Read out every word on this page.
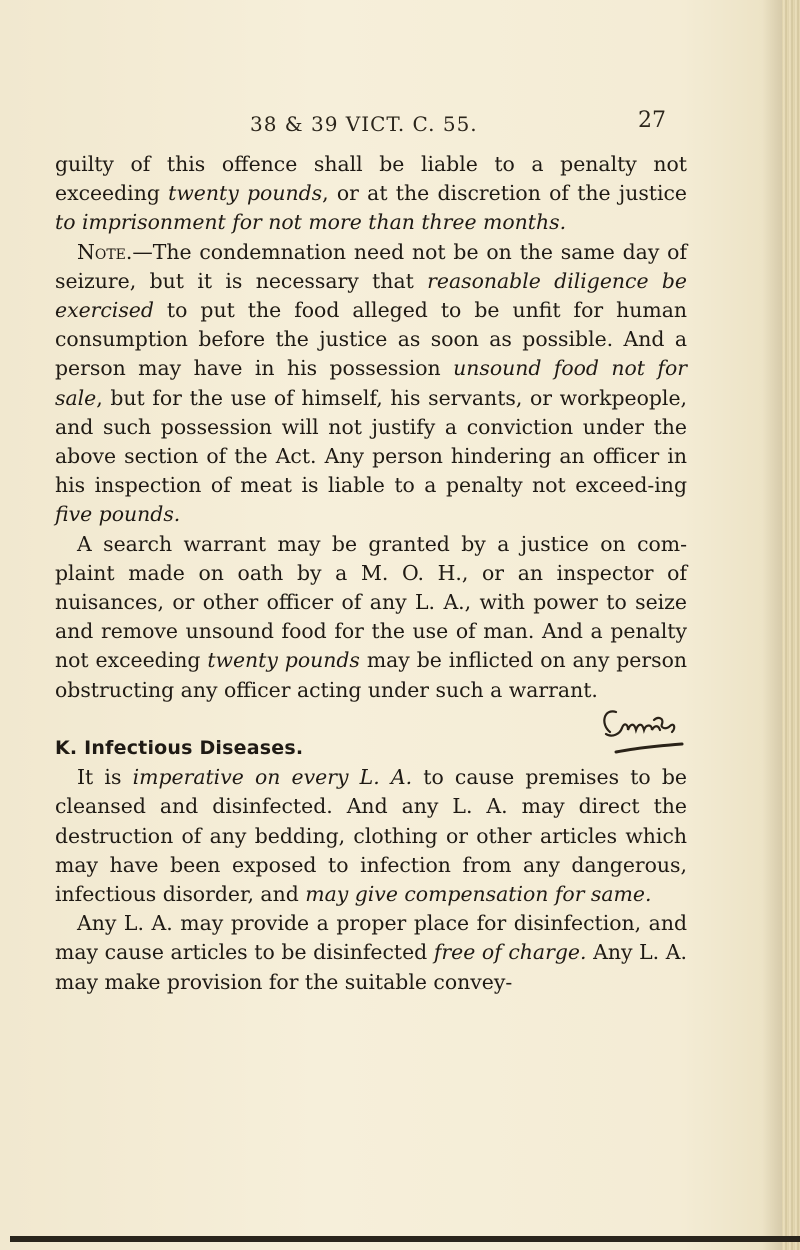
38 & 39 VICT. C. 55.	27

guilty of this offence shall be liable to a penalty not exceeding twenty pounds, or at the discretion of the justice to imprisonment for not more than three months.

Note.—The condemnation need not be on the same day of seizure, but it is necessary that reasonable diligence be exercised to put the food alleged to be unfit for human consumption before the justice as soon as possible. And a person may have in his possession unsound food not for sale, but for the use of himself, his servants, or workpeople, and such possession will not justify a conviction under the above section of the Act. Any person hindering an officer in his inspection of meat is liable to a penalty not exceed-ing five pounds.

A search warrant may be granted by a justice on com-plaint made on oath by a M. O. H., or an inspector of nuisances, or other officer of any L. A., with power to seize and remove unsound food for the use of man. And a penalty not exceeding twenty pounds may be inflicted on any person obstructing any officer acting under such a warrant.

K. Infectious Diseases.

It is imperative on every L. A. to cause premises to be cleansed and disinfected. And any L. A. may direct the destruction of any bedding, clothing or other articles which may have been exposed to infection from any dangerous, infectious disorder, and may give compensation for same.

Any L. A. may provide a proper place for disinfection, and may cause articles to be disinfected free of charge. Any L. A. may make provision for the suitable convey-
